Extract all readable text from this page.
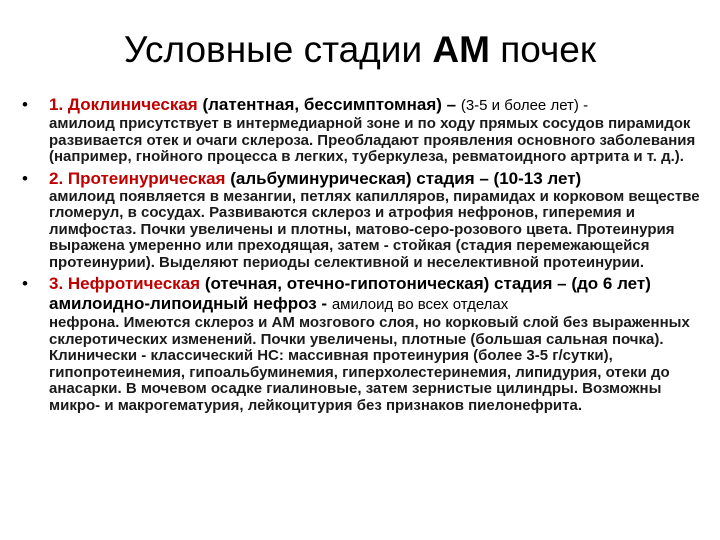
Условные стадии АМ почек
• 1. Доклиническая (латентная, бессимптомная) – (3-5 и более лет) -
амилоид присутствует в интермедиарной зоне и по ходу прямых сосудов пирамидок развивается отек и очаги склероза. Преобладают проявления основного заболевания (например, гнойного процесса в легких, туберкулеза, ревматоидного артрита и т. д.).
• 2. Протеинурическая (альбуминурическая) стадия – (10-13 лет)
амилоид появляется в мезангии, петлях капилляров, пирамидах и корковом веществе гломерул, в сосудах. Развиваются склероз и атрофия нефронов, гиперемия и лимфостаз. Почки увеличены и плотны, матово-серо-розового цвета. Протеинурия выражена умеренно или преходящая, затем - стойкая (стадия перемежающейся протеинурии). Выделяют периоды селективной и неселективной протеинурии.
• 3. Нефротическая (отечная, отечно-гипотоническая) стадия – (до 6 лет) амилоидно-липоидный нефроз - амилоид во всех отделах
нефрона. Имеются склероз и АМ мозгового слоя, но корковый слой без выраженных склеротических изменений. Почки увеличены, плотные (большая сальная почка). Клинически - классический НС: массивная протеинурия (более 3-5 г/сутки), гипопротеинемия, гипоальбуминемия, гиперхолестеринемия, липидурия, отеки до анасарки. В мочевом осадке гиалиновые, затем зернистые цилиндры. Возможны микро- и макрогематурия, лейкоцитурия без признаков пиелонефрита.
